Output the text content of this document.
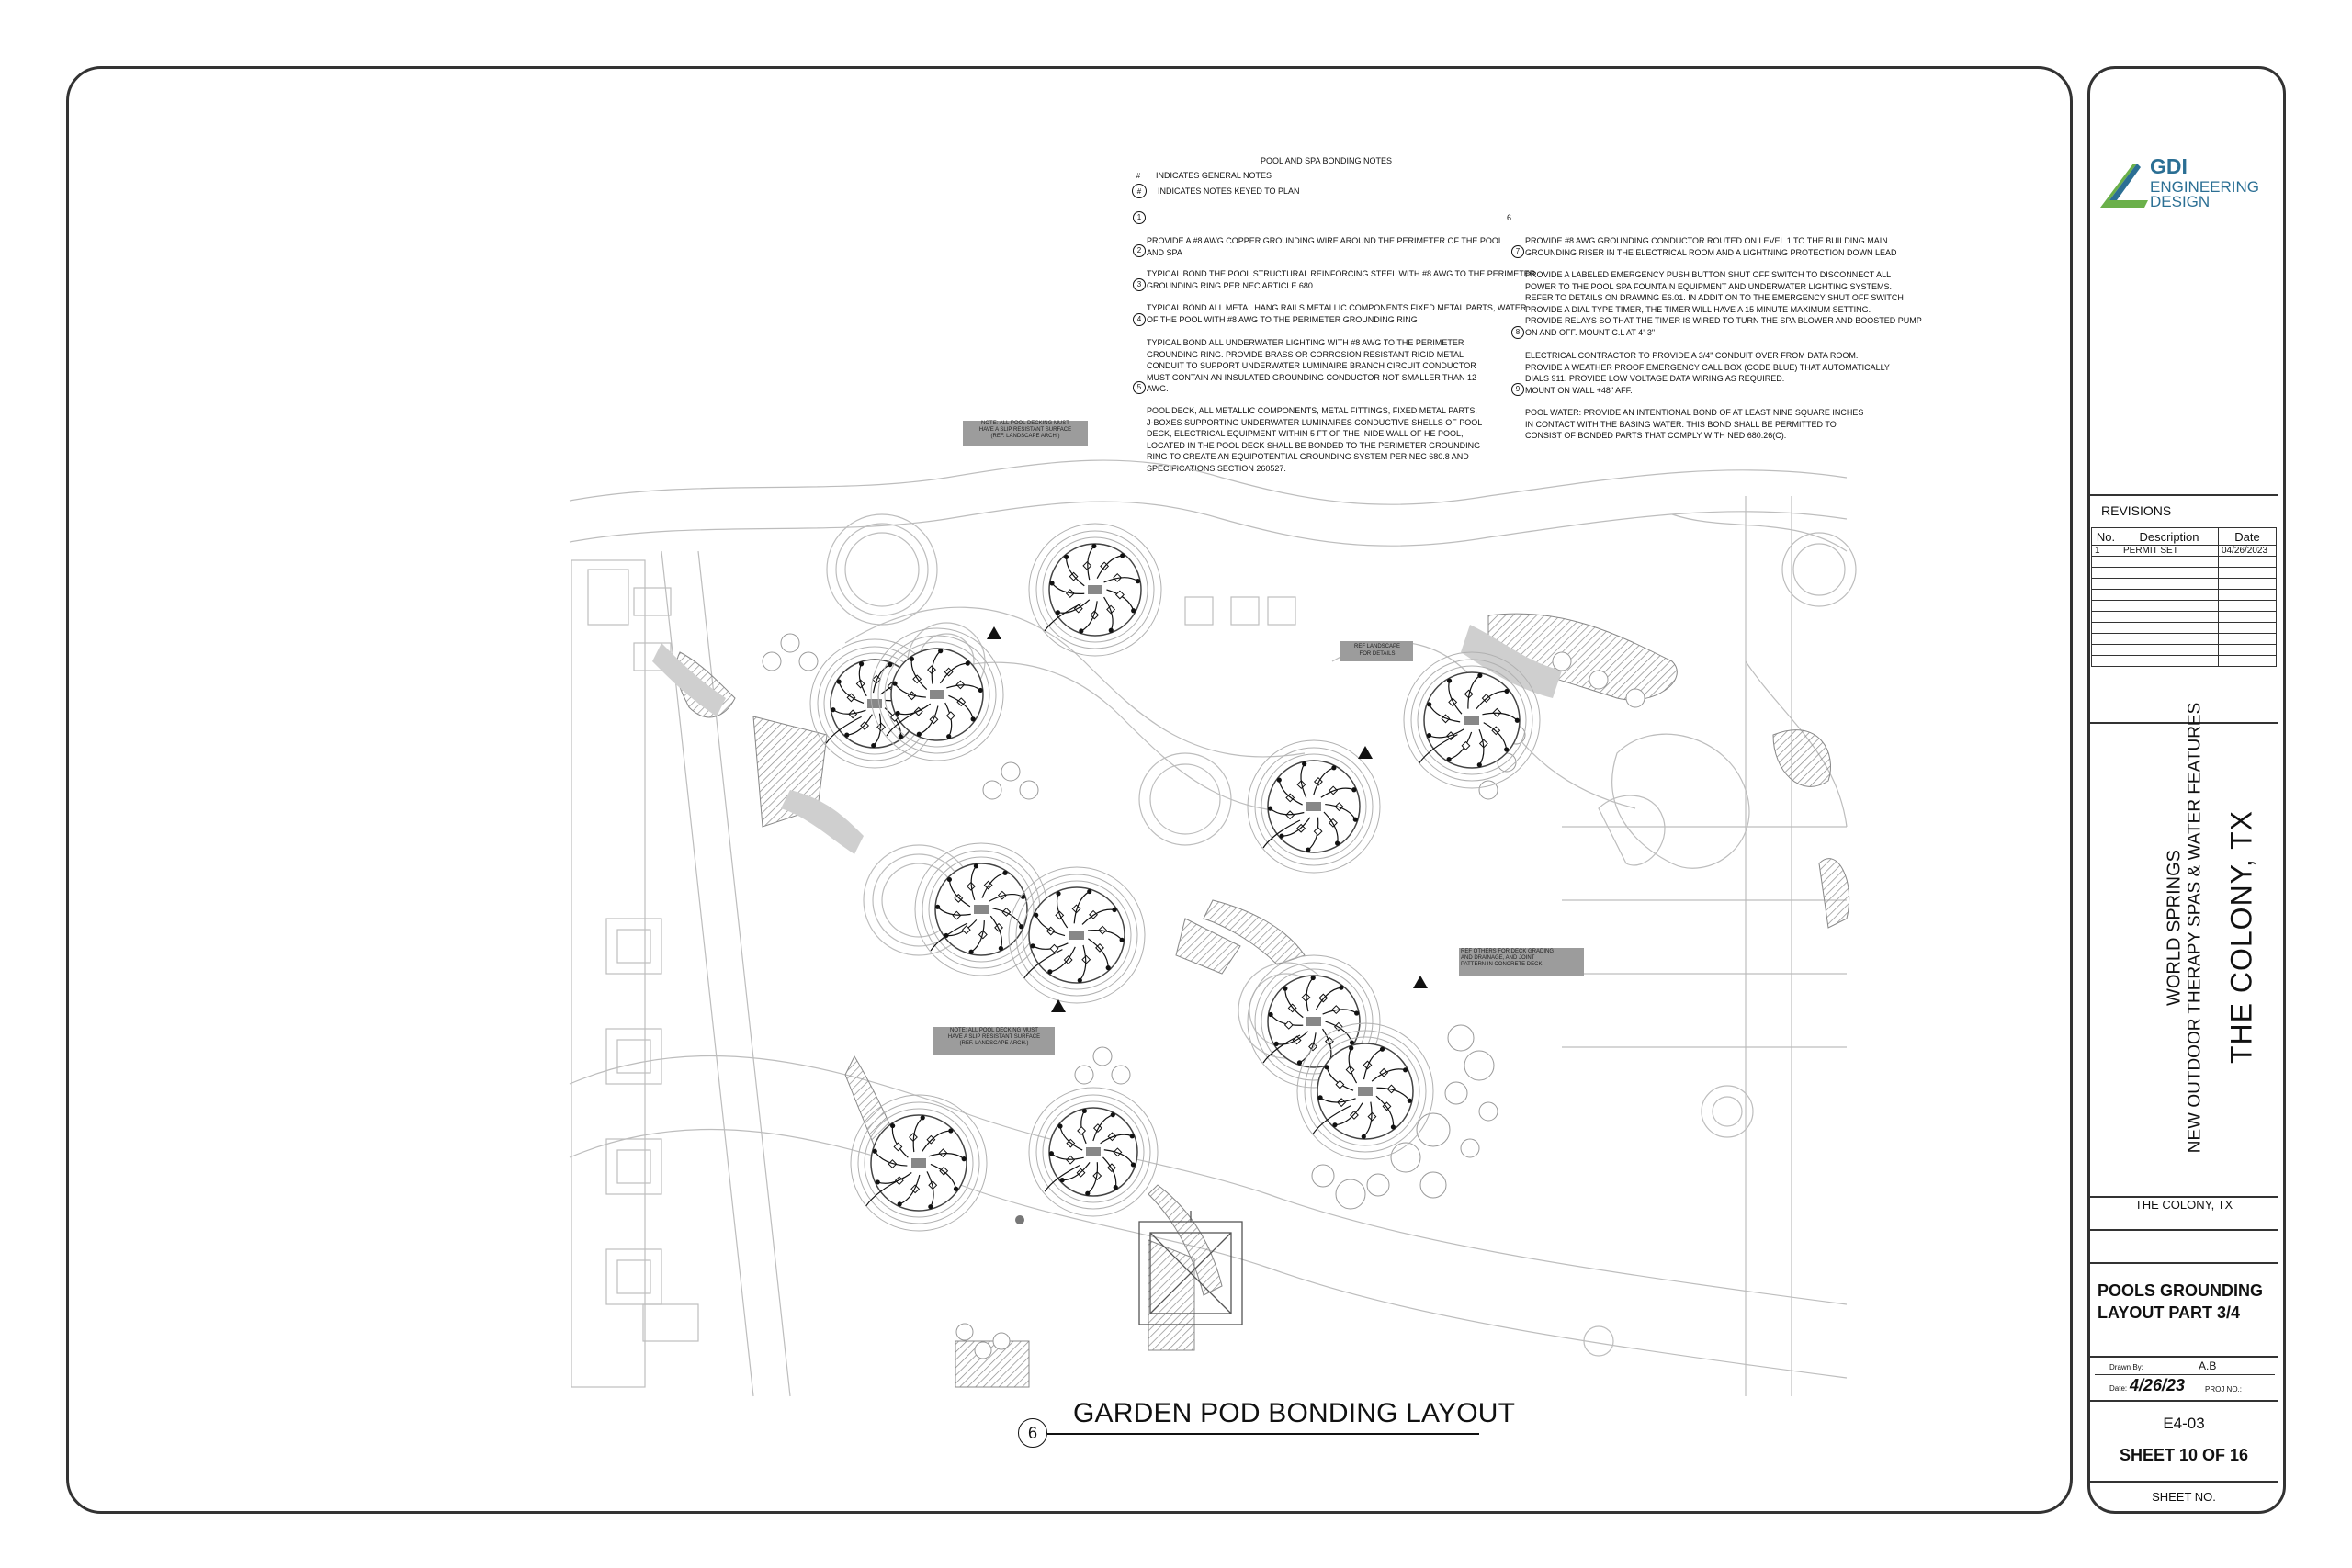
POOL AND SPA BONDING NOTES
#	INDICATES GENERAL NOTES
#	INDICATES NOTES KEYED TO PLAN

1

PROVIDE A #8 AWG COPPER GROUNDING WIRE AROUND THE PERIMETER OF THE POOL
AND SPA

2

TYPICAL BOND THE POOL STRUCTURAL REINFORCING STEEL WITH #8 AWG TO THE PERIMETER
GROUNDING RING PER NEC ARTICLE 680

3

TYPICAL BOND ALL METAL HANG RAILS METALLIC COMPONENTS FIXED METAL PARTS, WATER
OF THE POOL WITH #8 AWG TO THE PERIMETER GROUNDING RING

4

TYPICAL BOND ALL UNDERWATER LIGHTING WITH #8 AWG TO THE PERIMETER
GROUNDING RING. PROVIDE BRASS OR CORROSION RESISTANT RIGID METAL
CONDUIT TO SUPPORT UNDERWATER LUMINAIRE BRANCH CIRCUIT CONDUCTOR
MUST CONTAIN AN INSULATED GROUNDING CONDUCTOR NOT SMALLER THAN 12
AWG.

5

POOL DECK, ALL METALLIC COMPONENTS, METAL FITTINGS, FIXED METAL PARTS,
J-BOXES SUPPORTING UNDERWATER LUMINAIRES CONDUCTIVE SHELLS OF POOL
DECK, ELECTRICAL EQUIPMENT WITHIN 5 FT OF THE INIDE WALL OF HE POOL,
LOCATED IN THE POOL DECK SHALL BE BONDED TO THE PERIMETER GROUNDING
RING TO CREATE AN EQUIPOTENTIAL GROUNDING SYSTEM PER NEC 680.8 AND
SPECIFICATIONS SECTION 260527.

6.

PROVIDE #8 AWG GROUNDING CONDUCTOR ROUTED ON LEVEL 1 TO THE BUILDING MAIN
GROUNDING RISER IN THE ELECTRICAL ROOM AND A LIGHTNING PROTECTION DOWN LEAD

7

PROVIDE A LABELED EMERGENCY PUSH BUTTON SHUT OFF SWITCH TO DISCONNECT ALL
POWER TO THE POOL SPA FOUNTAIN EQUIPMENT AND UNDERWATER LIGHTING SYSTEMS.
REFER TO DETAILS ON DRAWING E6.01. IN ADDITION TO THE EMERGENCY SHUT OFF SWITCH
PROVIDE A DIAL TYPE TIMER, THE TIMER WILL HAVE A 15 MINUTE MAXIMUM SETTING.
PROVIDE RELAYS SO THAT THE TIMER IS WIRED TO TURN THE SPA BLOWER AND BOOSTED PUMP
ON AND OFF. MOUNT C.L AT 4'-3"

8

ELECTRICAL CONTRACTOR TO PROVIDE A 3/4" CONDUIT OVER FROM DATA ROOM.
PROVIDE A WEATHER PROOF EMERGENCY CALL BOX (CODE BLUE) THAT AUTOMATICALLY
DIALS 911. PROVIDE LOW VOLTAGE DATA WIRING AS REQUIRED.
MOUNT ON WALL +48" AFF.

9

POOL WATER: PROVIDE AN INTENTIONAL BOND OF AT LEAST NINE SQUARE INCHES
IN CONTACT WITH THE BASING WATER. THIS BOND SHALL BE PERMITTED TO
CONSIST OF BONDED PARTS THAT COMPLY WITH NED 680.26(C).

NOTE: ALL POOL DECKING MUST
HAVE A SLIP RESISTANT SURFACE
(REF. LANDSCAPE ARCH.)
NOTE: ALL POOL DECKING MUST
HAVE A SLIP RESISTANT SURFACE
(REF. LANDSCAPE ARCH.)
REF OTHERS FOR DECK GRADING
AND DRAINAGE, AND JOINT
PATTERN IN CONCRETE DECK
REF LANDSCAPE
FOR DETAILS
6
GARDEN POD BONDING LAYOUT
GDI
ENGINEERING
DESIGN
REVISIONS
No.	Description	Date
1	PERMIT SET	04/26/2023

WORLD SPRINGS NEW OUTDOOR THERAPY SPAS & WATER FEATURES THE COLONY, TX
THE COLONY, TX
POOLS GROUNDING
LAYOUT PART 3/4
Drawn By:	A.B
Date: 4/26/23	PROJ NO.:
E4-03
SHEET 10 OF 16
SHEET NO.
